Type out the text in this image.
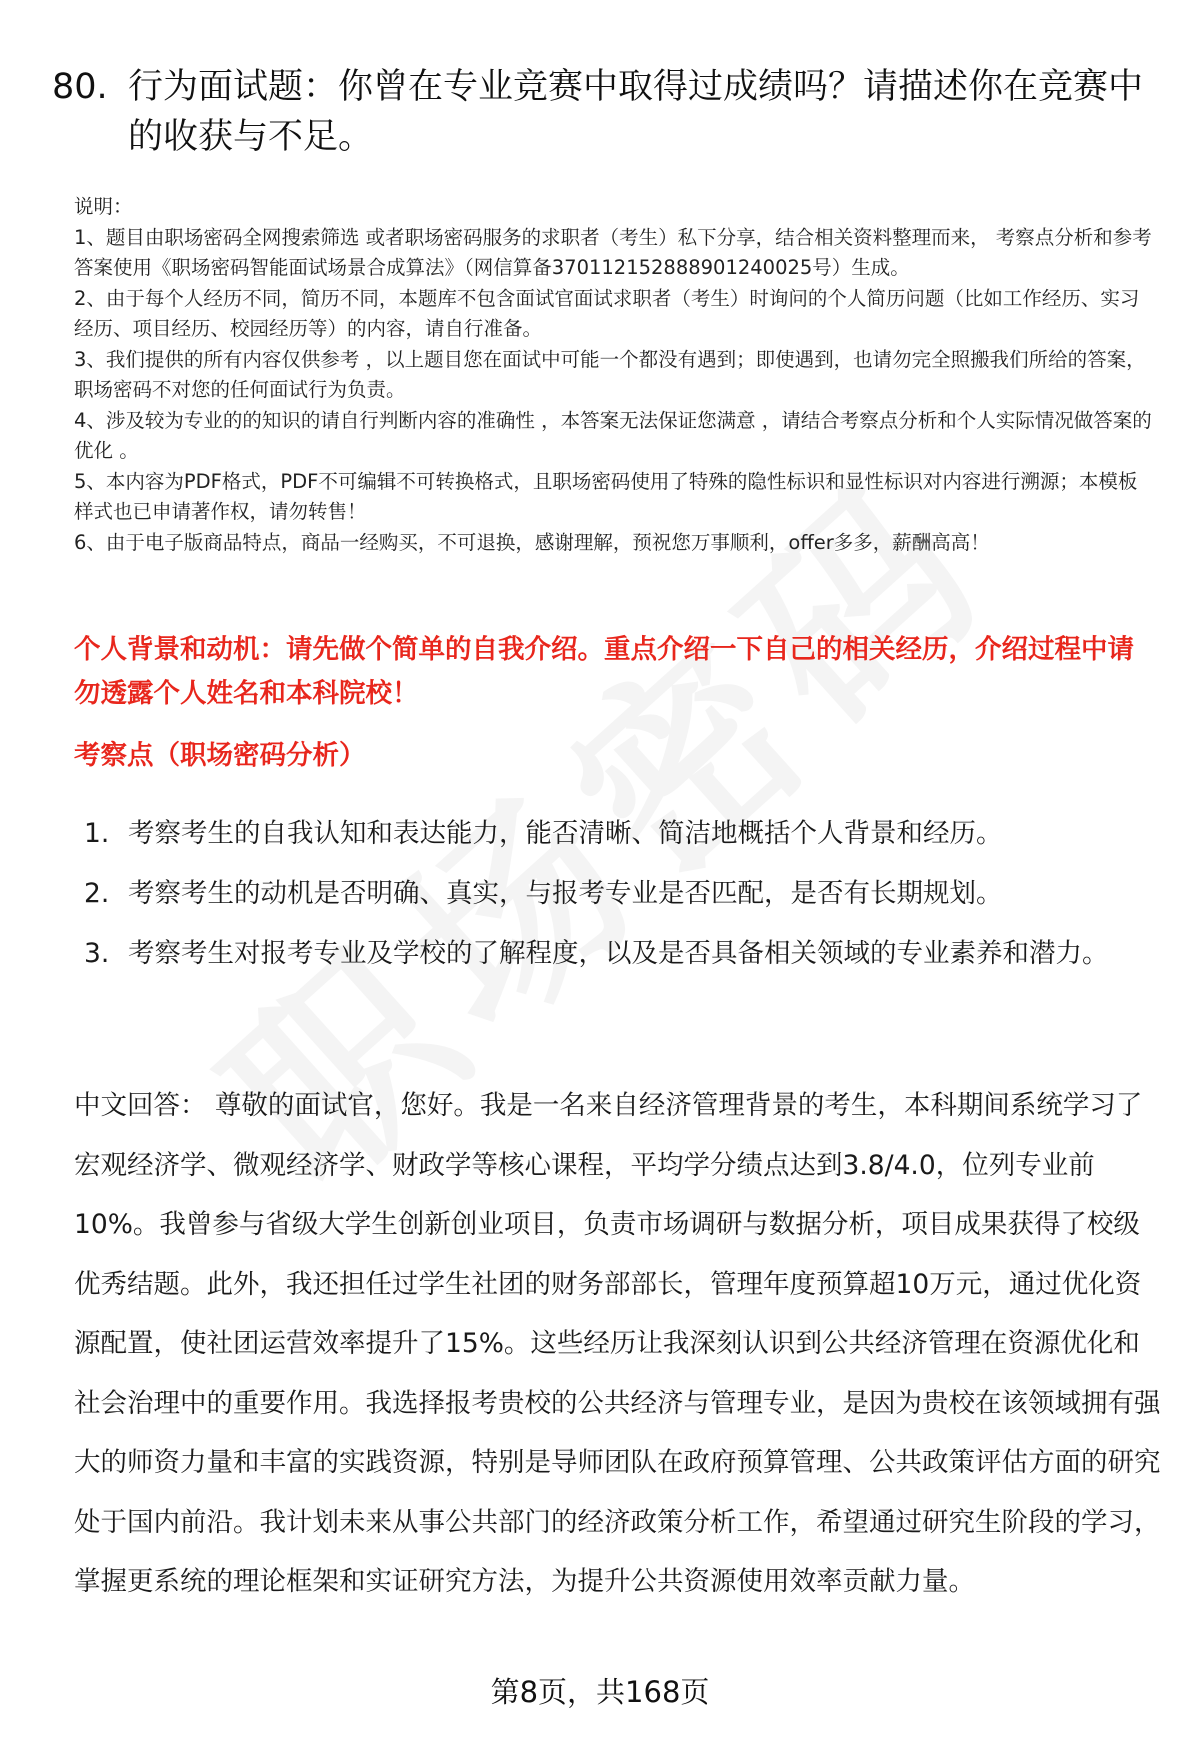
80. 行为面试题：你曾在专业竞赛中取得过成绩吗？请描述你在竞赛中的收获与不足。

说明：

1、题目由职场密码全网搜索筛选 或者职场密码服务的求职者（考生）私下分享，结合相关资料整理而来， 考察点分析和参考答案使用《职场密码智能面试场景合成算法》（网信算备370112152888901240025号）生成。

2、由于每个人经历不同，简历不同，本题库不包含面试官面试求职者（考生）时询问的个人简历问题（比如工作经历、实习经历、项目经历、校园经历等）的内容，请自行准备。

3、我们提供的所有内容仅供参考 ，以上题目您在面试中可能一个都没有遇到；即使遇到，也请勿完全照搬我们所给的答案，职场密码不对您的任何面试行为负责。

4、涉及较为专业的的知识的请自行判断内容的准确性 ，本答案无法保证您满意 ，请结合考察点分析和个人实际情况做答案的优化 。

5、本内容为PDF格式，PDF不可编辑不可转换格式，且职场密码使用了特殊的隐性标识和显性标识对内容进行溯源；本模板样式也已申请著作权，请勿转售！

6、由于电子版商品特点，商品一经购买，不可退换，感谢理解，预祝您万事顺利，offer多多，薪酬高高！

个人背景和动机：请先做个简单的自我介绍。重点介绍一下自己的相关经历，介绍过程中请勿透露个人姓名和本科院校！
考察点（职场密码分析）
1. 考察考生的自我认知和表达能力，能否清晰、简洁地概括个人背景和经历。
2. 考察考生的动机是否明确、真实，与报考专业是否匹配，是否有长期规划。
3. 考察考生对报考专业及学校的了解程度，以及是否具备相关领域的专业素养和潜力。

中文回答： 尊敬的面试官，您好。我是一名来自经济管理背景的考生，本科期间系统学习了宏观经济学、微观经济学、财政学等核心课程，平均学分绩点达到3.8/4.0，位列专业前10%。我曾参与省级大学生创新创业项目，负责市场调研与数据分析，项目成果获得了校级优秀结题。此外，我还担任过学生社团的财务部部长，管理年度预算超10万元，通过优化资源配置，使社团运营效率提升了15%。这些经历让我深刻认识到公共经济管理在资源优化和社会治理中的重要作用。我选择报考贵校的公共经济与管理专业，是因为贵校在该领域拥有强大的师资力量和丰富的实践资源，特别是导师团队在政府预算管理、公共政策评估方面的研究处于国内前沿。我计划未来从事公共部门的经济政策分析工作，希望通过研究生阶段的学习，掌握更系统的理论框架和实证研究方法，为提升公共资源使用效率贡献力量。

第8页，共168页
